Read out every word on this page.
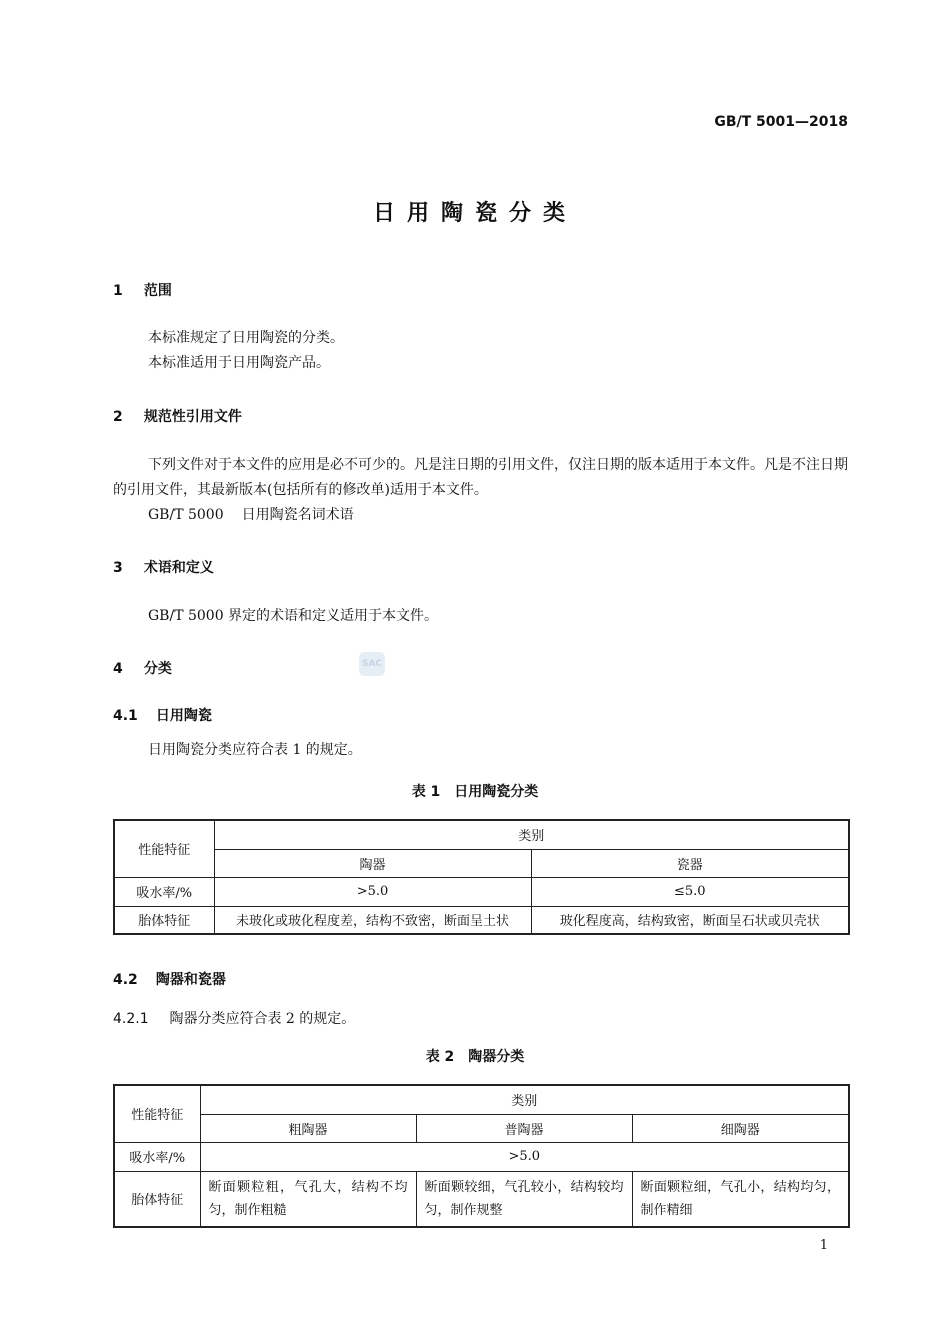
GB/T 5001—2018
日用陶瓷分类
1 范围
本标准规定了日用陶瓷的分类。
本标准适用于日用陶瓷产品。
2 规范性引用文件
下列文件对于本文件的应用是必不可少的。凡是注日期的引用文件，仅注日期的版本适用于本文件。凡是不注日期的引用文件，其最新版本(包括所有的修改单)适用于本文件。
GB/T 5000 日用陶瓷名词术语
3 术语和定义
GB/T 5000 界定的术语和定义适用于本文件。
4 分类	SAC
4.1 日用陶瓷
日用陶瓷分类应符合表 1 的规定。
表 1　日用陶瓷分类
性能特征	类别	
	陶器	瓷器
吸水率/%	>5.0	≤5.0
胎体特征	未玻化或玻化程度差，结构不致密，断面呈土状	玻化程度高，结构致密，断面呈石状或贝壳状
4.2 陶器和瓷器
4.2.1 陶器分类应符合表 2 的规定。
表 2　陶器分类
性能特征	类别		
	粗陶器	普陶器	细陶器
吸水率/%	>5.0		
胎体特征	断面颗粒粗，气孔大，结构不均匀，制作粗糙	断面颗较细，气孔较小，结构较均匀，制作规整	断面颗粒细，气孔小，结构均匀，制作精细
1
